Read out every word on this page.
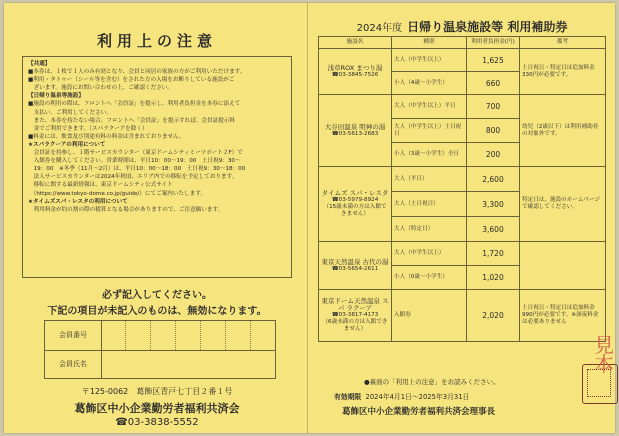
利用上の注意

【共通】

■本券は、１枚で１人のみ有効となり、会員と同居の家族の方がご利用いただけます。

■利用・タトゥー（シール等を含む）をされた方の入場をお断りしている施設がご

　ざいます。施設にお問い合わせの上、ご確認ください。

【日帰り温泉等施設】

■施設の利用の際は、フロントへ「会員証」を提示し、利用者負担金を本券に添えて

　支払い、ご利用してください。

　また、本券を持たない場合、フロントへ「会員証」を提示すれば、会員証提示料

　金でご利用できます。（スパラクーアを除く）

■料金には、飲食及び別途有料の料金は含まれておりません。

★スパラクーアの利用について

　会員証を持参し、１階サービスカウンター（東京ドームシティミーツポート２F）で

　入館券を購入してください。営業時間は、平日10：00～19：00　土日祝9：30～

　19：00　※冬季（11月～2月）は、平日10：00～18：00　土日祝9：30～18：00

　法人サービスカウンターは2024年秋頃、エリア内での移転を予定しております。

　移転に関する最新情報は、東京ドームシティ公式サイト

　（https://www.tokyo-dome.co.jp/guide/）にてご案内いたします。

★タイムズスパ・レスタの利用について

　利用料金が約の割の際の積算となる場合がありますので、ご注意願います。

必ず記入してください。
下記の項目が未記入のものは、無効になります。
会員番号
会員氏名
〒125-0062　葛飾区青戸七丁目２番１号
葛飾区中小企業勤労者福利共済会
☎03-3838-5552
2024年度 日帰り温泉施設等 利用補助券
施設名	種別	利用者負担金(円)	備考

浅草ROX まつり湯
☎03-3845-7526	大人（中学生以上）	1,625	土日祝日・特定日は追加料金330円が必要です。
	小人（4歳～小学生）	660	

大谷田温泉 明神の湯
☎03-5613-2683	大人（中学生以上）平日	700	幼児（2歳以下）は利用補助券の対象外です。
	大人（中学生以上）土日祝日	800	
	小人（3歳～小学生）全日	200	

タイムズ スパ・レスタ
☎03-5979-8924
（15歳未満の方は入館できません）	大人（平日）	2,600	特定日は、施設のホームページで確認してください。
	大人（土日祝日）	3,300	
	大人（特定日）	3,600	

東京天然温泉 古代の湯
☎03-5654-2611	大人（中学生以上）	1,720	
	小人（0歳～小学生）	1,020	

東京ドーム天然温泉 スパ ラクーア
☎03-3817-4173
（6歳未満の方は入館できません）	入館券	2,020	土日祝日・特定日は追加料金990円が必要です。※深夜料金は必要ありません
●裏面の「利用上の注意」をお読みください。
有効期限 2024年4月1日～2025年3月31日
葛飾区中小企業勤労者福利共済会理事長
見本
